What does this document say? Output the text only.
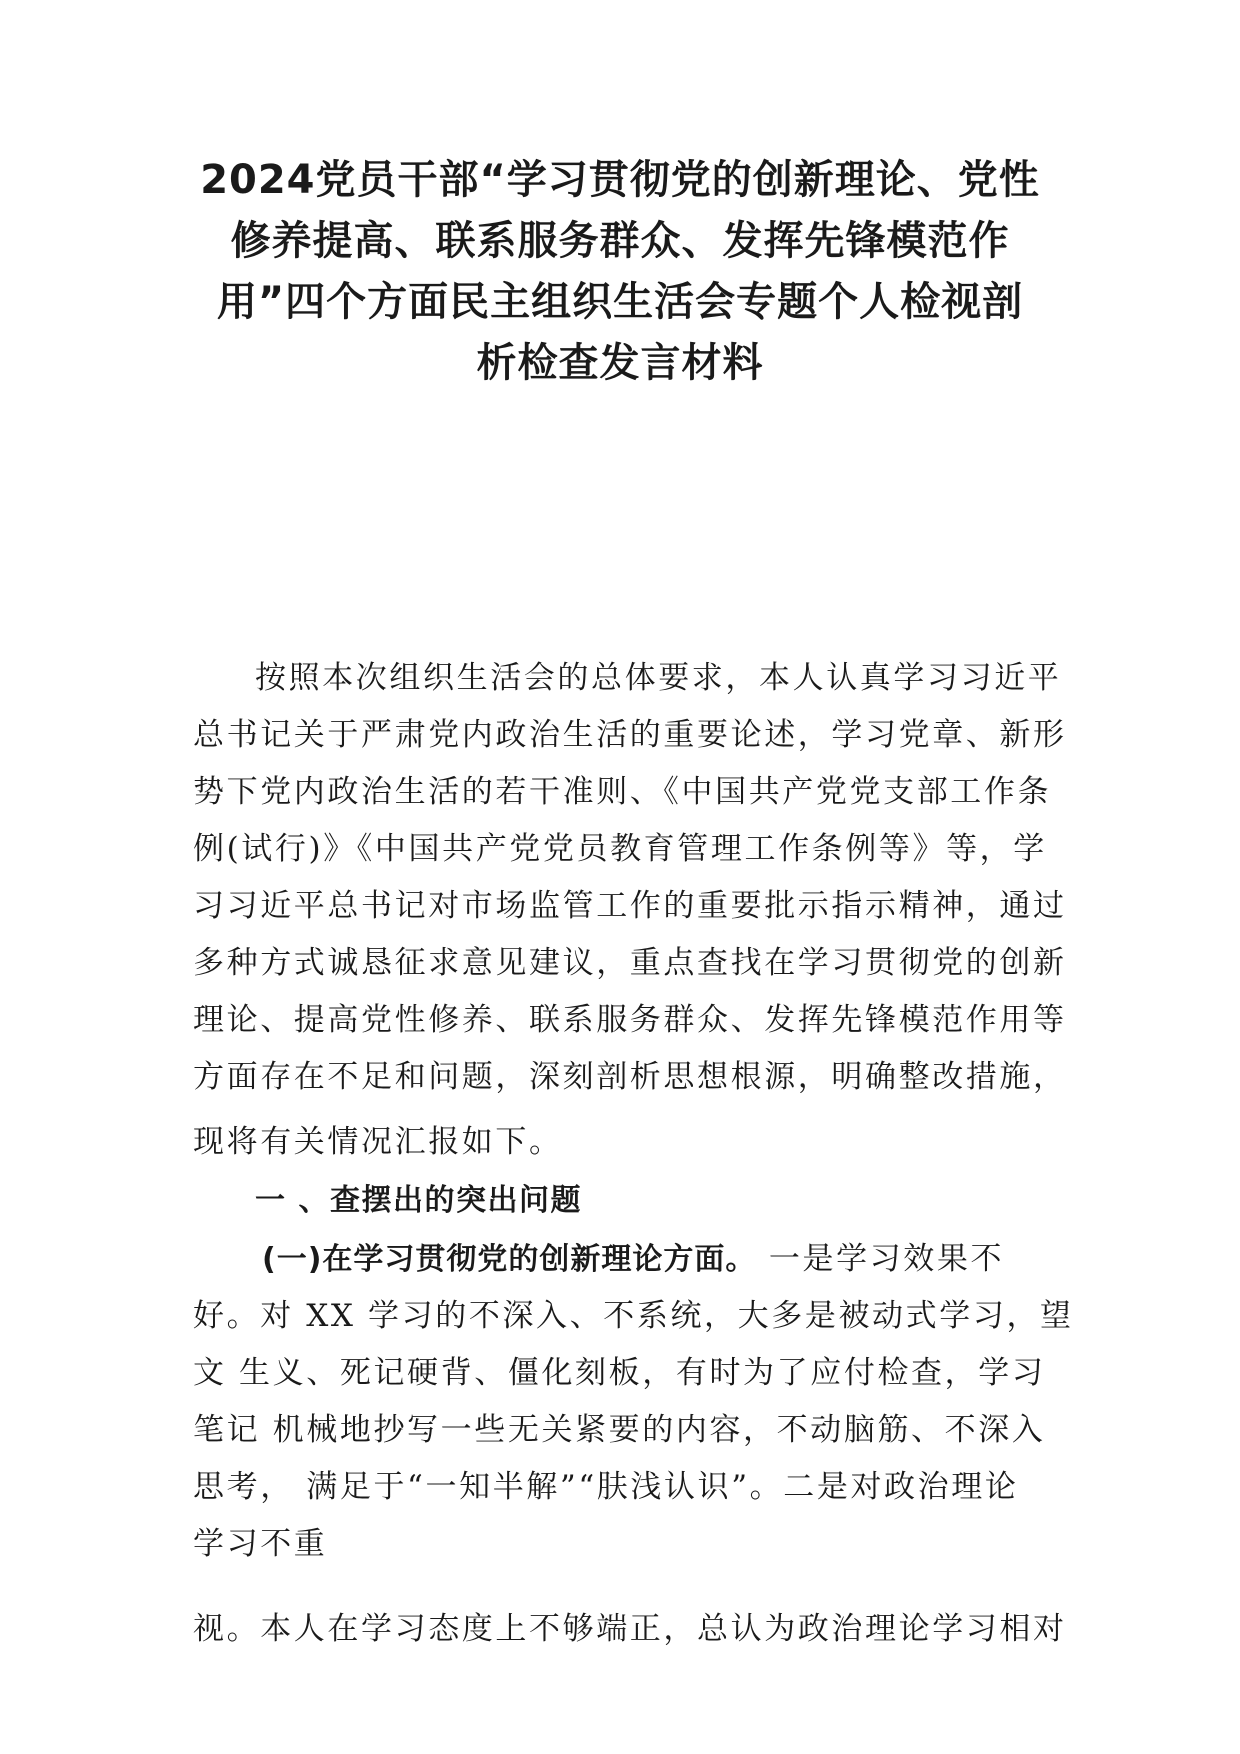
2024党员干部“学习贯彻党的创新理论、党性
修养提高、联系服务群众、发挥先锋模范作
用”四个方面民主组织生活会专题个人检视剖
析检查发言材料
按照本次组织生活会的总体要求，本人认真学习习近平
总书记关于严肃党内政治生活的重要论述，学习党章、新形
势下党内政治生活的若干准则、《中国共产党党支部工作条
例(试行)》《中国共产党党员教育管理工作条例等》等，学
习习近平总书记对市场监管工作的重要批示指示精神，通过
多种方式诚恳征求意见建议，重点查找在学习贯彻党的创新
理论、提高党性修养、联系服务群众、发挥先锋模范作用等
方面存在不足和问题，深刻剖析思想根源，明确整改措施，
现将有关情况汇报如下。
一 、查摆出的突出问题
(一)在学习贯彻党的创新理论方面。 一是学习效果不
好。对 XX 学习的不深入、不系统，大多是被动式学习，望
文 生义、死记硬背、僵化刻板，有时为了应付检查，学习
笔记 机械地抄写一些无关紧要的内容，不动脑筋、不深入
思考， 满足于“一知半解”“肤浅认识”。二是对政治理论
学习不重
视。本人在学习态度上不够端正，总认为政治理论学习相对
